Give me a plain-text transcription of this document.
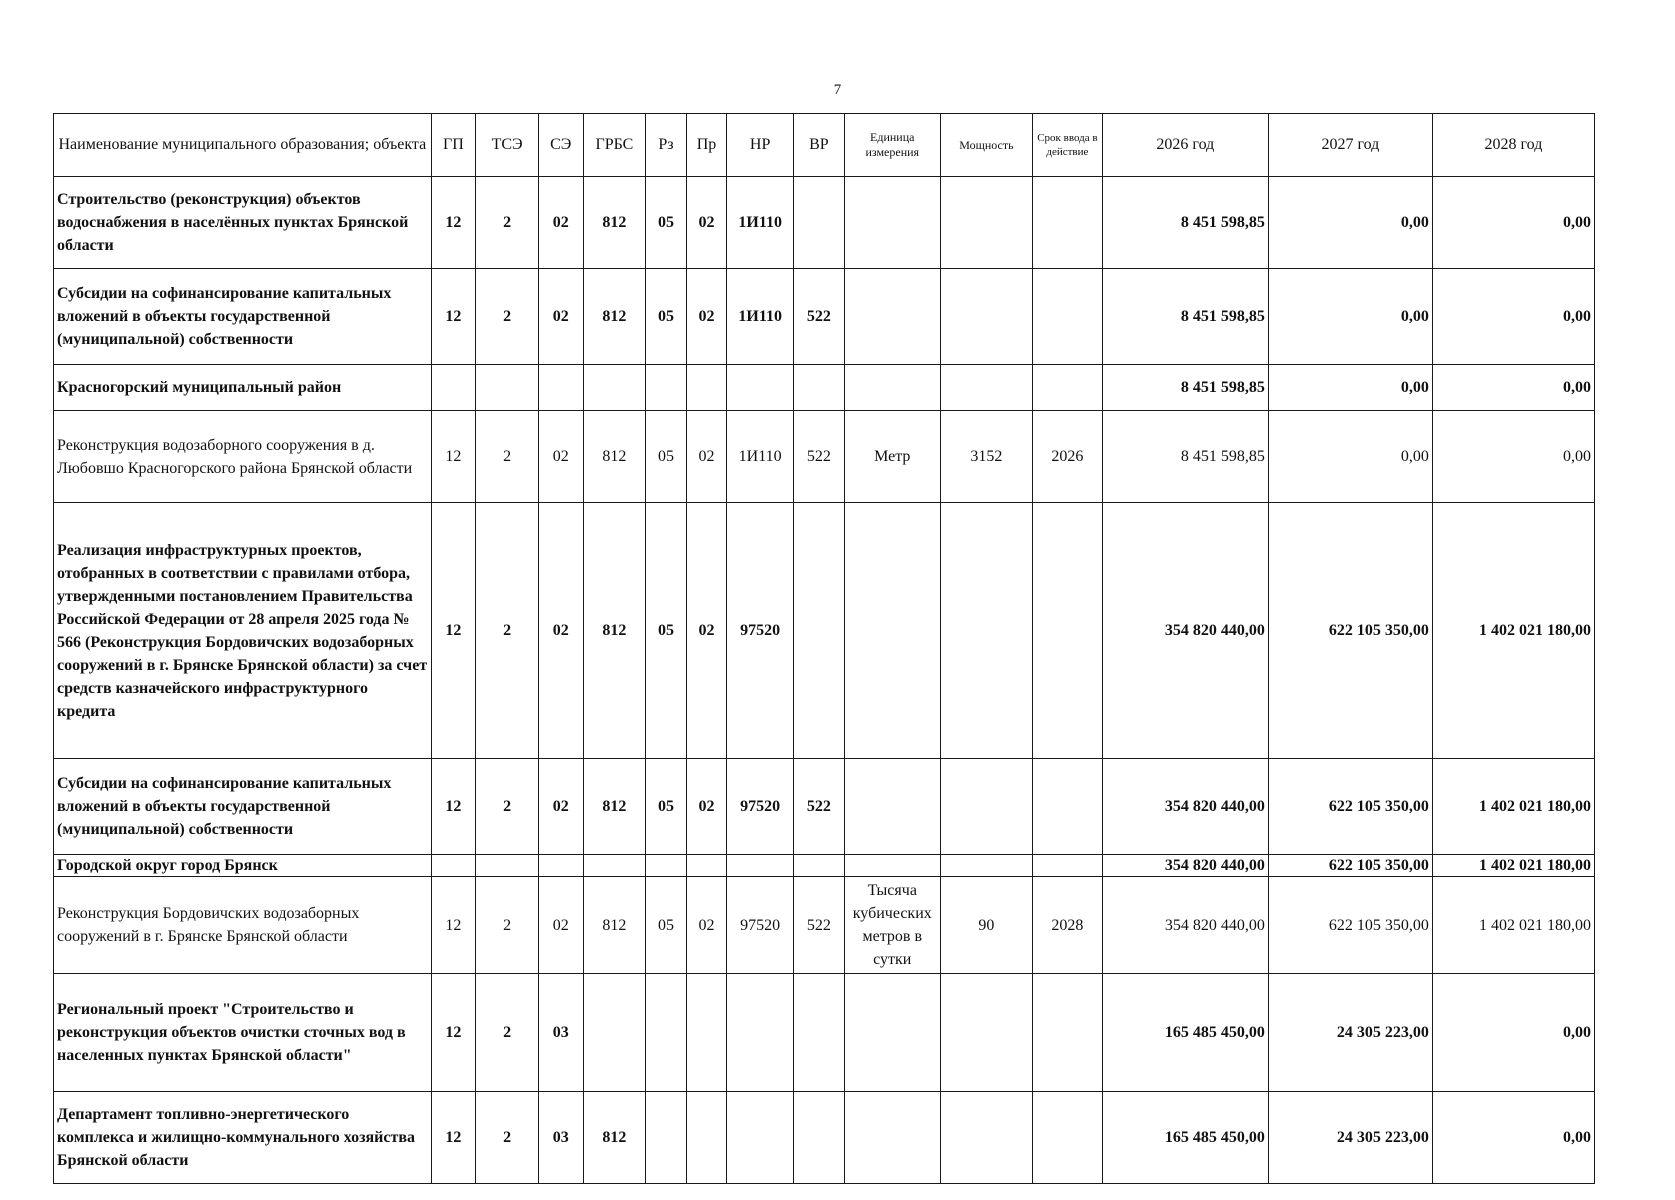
7
Наименование муниципального образования; объекта	ГП	ТСЭ	СЭ	ГРБС	Рз	Пр	НР	ВР	Единица измерения	Мощность	Срок ввода в действие	2026 год	2027 год	2028 год
Строительство (реконструкция) объектов водоснабжения в населённых пунктах Брянской области	12	2	02	812	05	02	1И110					8 451 598,85	0,00	0,00
Субсидии на софинансирование капитальных вложений в объекты государственной (муниципальной) собственности	12	2	02	812	05	02	1И110	522				8 451 598,85	0,00	0,00
Красногорский муниципальный район												8 451 598,85	0,00	0,00
Реконструкция водозаборного сооружения в д. Любовшо Красногорского района Брянской области	12	2	02	812	05	02	1И110	522	Метр	3152	2026	8 451 598,85	0,00	0,00
Реализация инфраструктурных проектов, отобранных в соответствии с правилами отбора, утвержденными постановлением Правительства Российской Федерации от 28 апреля 2025 года № 566 (Реконструкция Бордовичских водозаборных сооружений в г. Брянске Брянской области) за счет средств казначейского инфраструктурного кредита	12	2	02	812	05	02	97520					354 820 440,00	622 105 350,00	1 402 021 180,00
Субсидии на софинансирование капитальных вложений в объекты государственной (муниципальной) собственности	12	2	02	812	05	02	97520	522				354 820 440,00	622 105 350,00	1 402 021 180,00
Городской округ город Брянск												354 820 440,00	622 105 350,00	1 402 021 180,00
Реконструкция Бордовичских водозаборных сооружений в г. Брянске Брянской области	12	2	02	812	05	02	97520	522	Тысяча кубических метров в сутки	90	2028	354 820 440,00	622 105 350,00	1 402 021 180,00
Региональный проект "Строительство и реконструкция объектов очистки сточных вод в населенных пунктах Брянской области"	12	2	03									165 485 450,00	24 305 223,00	0,00
Департамент топливно-энергетического комплекса и жилищно-коммунального хозяйства Брянской области	12	2	03	812								165 485 450,00	24 305 223,00	0,00
